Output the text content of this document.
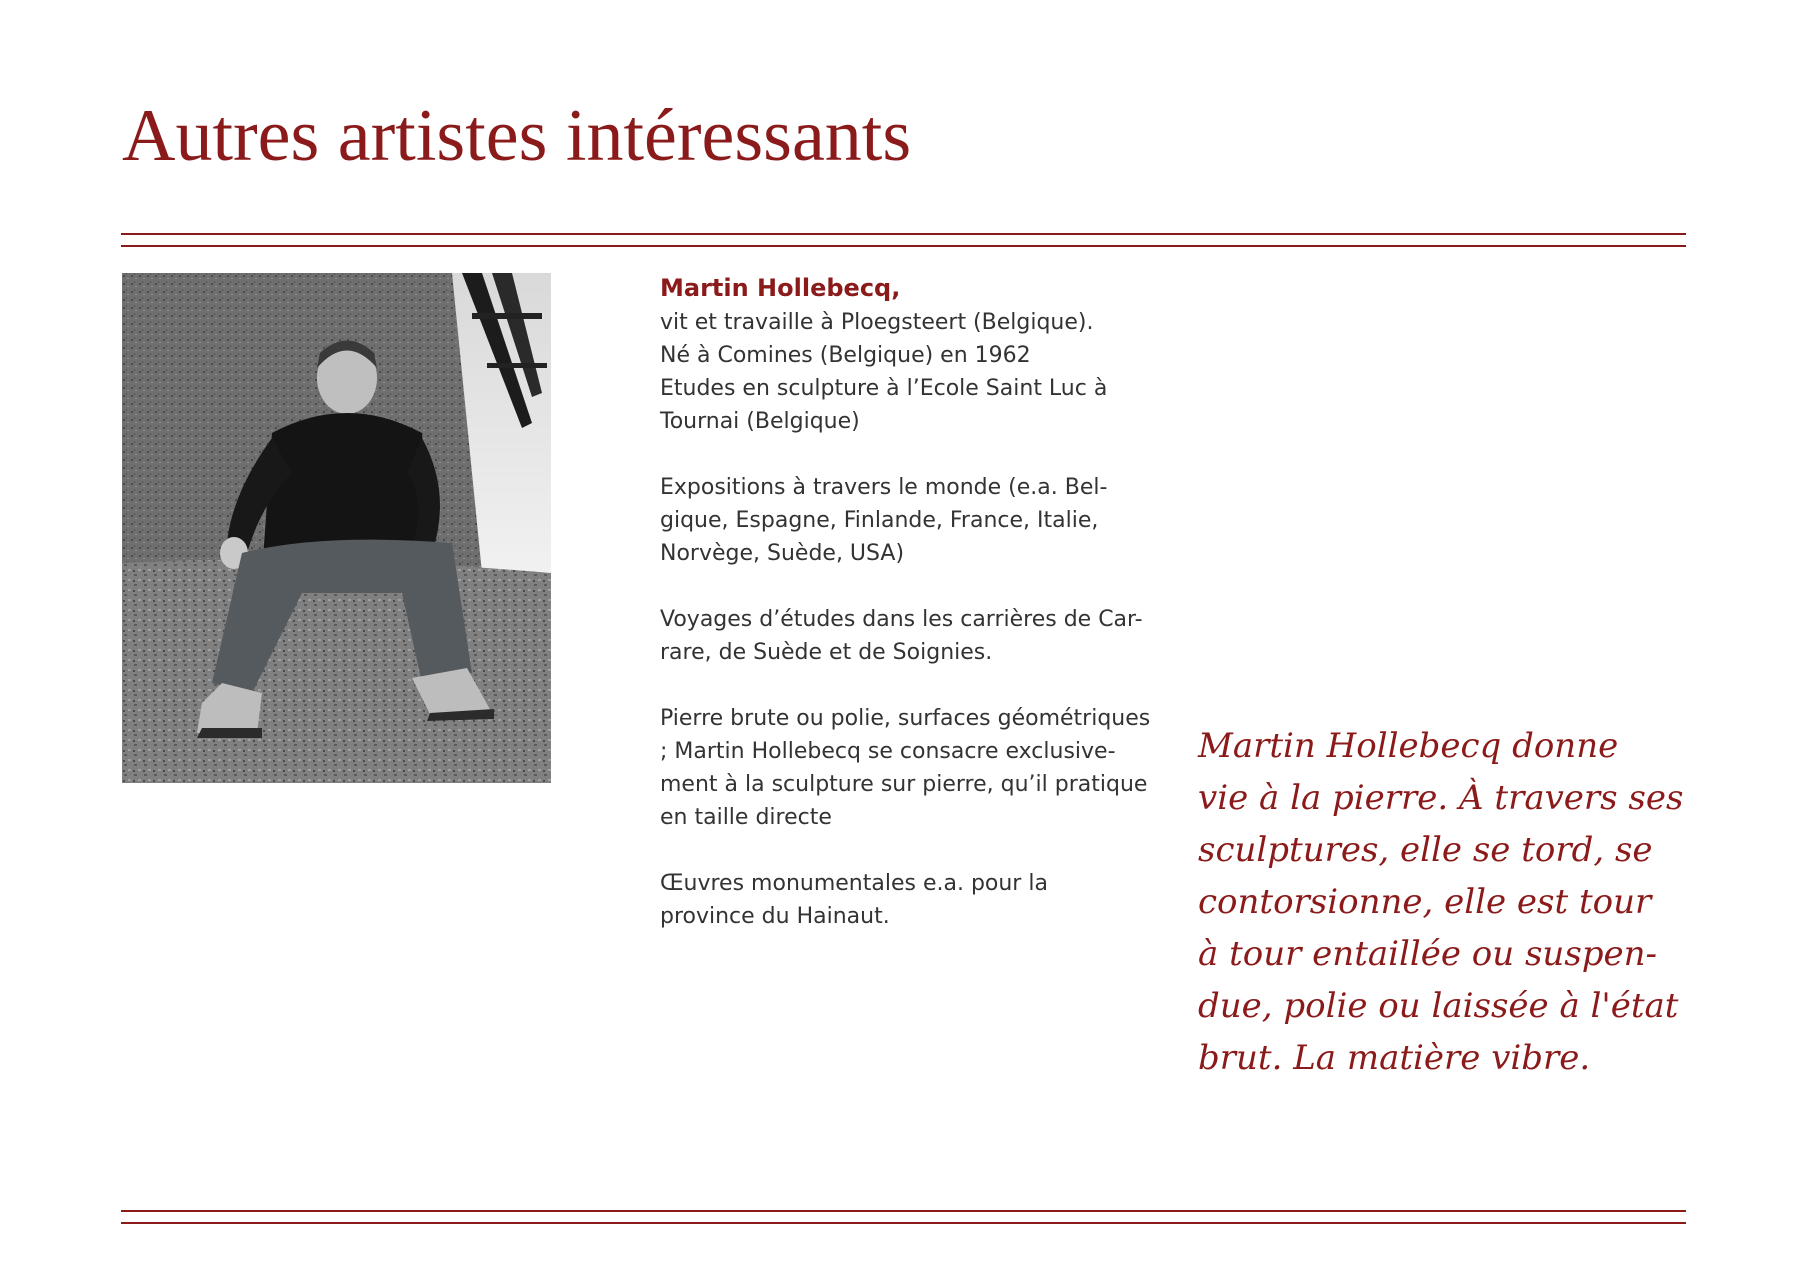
Autres artistes intéressants
Martin Hollebecq,
vit et travaille à Ploegsteert (Belgique).
Né à Comines (Belgique) en 1962
Etudes en sculpture à l’Ecole Saint Luc à
Tournai (Belgique)
Expositions à travers le monde (e.a. Bel-
gique, Espagne, Finlande, France, Italie,
Norvège, Suède, USA)
Voyages d’études dans les carrières de Car-
rare, de Suède et de Soignies.
Pierre brute ou polie, surfaces géométriques
; Martin Hollebecq se consacre exclusive-
ment à la sculpture sur pierre, qu’il pratique
en taille directe
Œuvres monumentales e.a. pour la
province du Hainaut.
Martin Hollebecq donne
vie à la pierre. À travers ses
sculptures, elle se tord, se
contorsionne, elle est tour
à tour entaillée ou suspen-
due, polie ou laissée à l'état
brut. La matière vibre.
